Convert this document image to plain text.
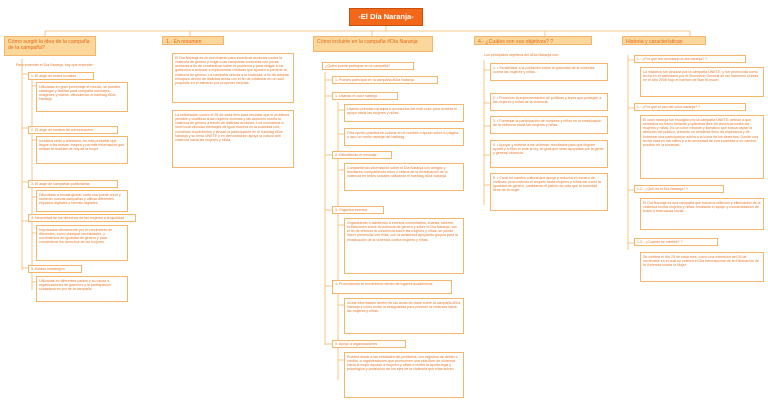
-El Día Naranja-
Cómo surgió la idea de la campaña de la campaña?
Para entender el Día Naranja, hay que entender:
1. El auge de redes sociales
Utilizadas en gran porcentaje el mundo, se pueden catalogar y facilitar para compartir mensajes, imágenes y videos, difundiendo el hashtag #Día Naranja.
2. El auge de medios de comunicación
Incluidos radio y televisión, es más probable que llegue a las masas, mejora y permite información que relatan la realidad de hoy de la mujer.
3. El auge de campañas publicitarias
Difundidas a escala global, cada una puede crear y sostener nuevas campañas y utilizar diferentes espacios digitales y formato digitales.
4. Necesidad de los derechos de las mujeres a la igualdad
Impulsados últimamente por el crecimiento de diferentes, como principal necesidades, y movimientos de igualdad de género y para concientizar los derechos de las mujeres.
5. Estado estratégico
Utilizadas en diferentes países y su causa a organizaciones de gobierno y la participación ciudadana en pro de la campaña.
1.- En resumen
El Día Naranja es un movimiento para incentivar acciones contra la violencia de género y exige a las campañas concretas con pocas acciones a fin de concientizar sobre el problema y para obligar a los gobiernos a avanzar e implementar medidas que ayuden a prevenir la violencia de género. La campaña vincula a la sociedad, a fin de adoptar enfoques dentro de distintas áreas con el fin de colaborar en un solo propósito en el esfuerzo por proponer mejoras.
La celebración ocurre el 25 de cada mes para recordar que el problema persiste y visibilizar a las mujeres víctimas y las acciones contra la violencia de género a través de distintas acciones. Los voluntarios a nivel local vinculan mensajes de igual manera en la sociedad civil, coordinan movimientos y lanzan la participación en el hashtag #Día Naranja y su lema ÚNETE y en demostración apoya la cultura anti violencia hacia las mujeres y niñas.
Cómo incluirte en la campaña #Día Naranja
¿Quién puede participar en la campaña?
1. Puedes participar en la campaña #Día Naranja
1. Usando el color naranja
Usando prendas naranjas o accesorios del este color para mostrar el apoyo hacia las mujeres y niñas.
Otra opción práctica es colocar en el nombre o apodo sobre tu página o lazo un moño naranja del hashtag.
2. Difundiendo el mensaje
Compartiendo información sobre el Día Naranja con amigos y familiares, compartiendo fotos o videos de la erradicación de la violencia en redes sociales utilizando el hashtag #Día Naranja.
3. Organiza eventos
Organizando o asistiendo a eventos comunitarios, charlas, talleres, exhibiciones sobre la violencia de género y sobre el Día Naranja, con el fin de reforzar la conciencia sobre las mujeres y niñas, se puede hacer presencial con ellas, con la asistencia apoyando grupos para la erradicación de la violencia contra mujeres y niñas.
4. Promoviendo el movimiento dentro de lugares académicos
Incluir información dentro de las aulas de clase sobre la campaña #Día Naranja y cómo evitar la desigualdad para prevenir la violencia hacia las mujeres y niñas.
5. Apoyo a organizaciones
Puedes donar a las entidades del problema, con registros de débito o crédito, o organizaciones que promueven una vida libre de violencia hacia la mujer ayudan a mujeres y niñas a recibir la ayuda legal y psicológica y protección de los ejes de la violencia que ellas sufren.
4.- ¿Cuáles son sus objetivos? ?
Los principales objetivos del #Día Naranja son:
1. • Sensibilizar a la población sobre la gravedad de la violencia contra las mujeres y niñas.
2. • Promover la implementación de políticas y leyes que protegen a las mujeres y niñas de la violencia.
3. • Fomentar la participación de hombres y niños en la erradicación de la violencia hacia las mujeres y niñas.
4. • Apoyar y motivar a las víctimas: resultados para que lleguen ayuda y a ellos el ante la ley, al igual que sean apoyadas por la gente y general violencia.
5. • Crear un cambio cultural que apoye y reduzca el número de víctimas, promoviendo el respeto hacia mujeres y niñas así como la igualdad de género, cambiando el patrón de vida que la sociedad tiene de la mujer.
Historia y características
1.- ¿Por qué fue necesario el día naranja? ?
La iniciativa fue lanzada por la campaña ÚNETE, y fue promovida como fecha en el calendario por el Secretario General de las Naciones Unidas, en el año 2008 bajo el nombre de Ban Ki-moon.
1.- ¿Por qué el uso del color naranja? ?
El color naranja fue escogido por la campaña ÚNETE, debido a que simboliza un futuro brillante y optimista libre de violencia contra las mujeres y niñas. Es un color vibrante y llamativo que busca captar la atención del público, creando un ambiente lleno de esperanza y de fomentar una participación activa a la lucha de los derechos. Donde una fecha vista en las calles y a la necesidad de una sociedad a un cambio positivo en la sociedad.
1.2.- ¿Qué es el Día Naranja? ?
El Día Naranja es una campaña que busca la reflexión y eliminación de la violencia contra mujeres y niñas, mediante el apoyo y concientización de todos a esta causa social.
1.3.- ¿Cuándo se celebra? ?
Se celebra el día 25 de cada mes, como una extensión del 25 de noviembre en el cual se celebra el Día Internacional de la Eliminación de la Violencia contra la Mujer.
